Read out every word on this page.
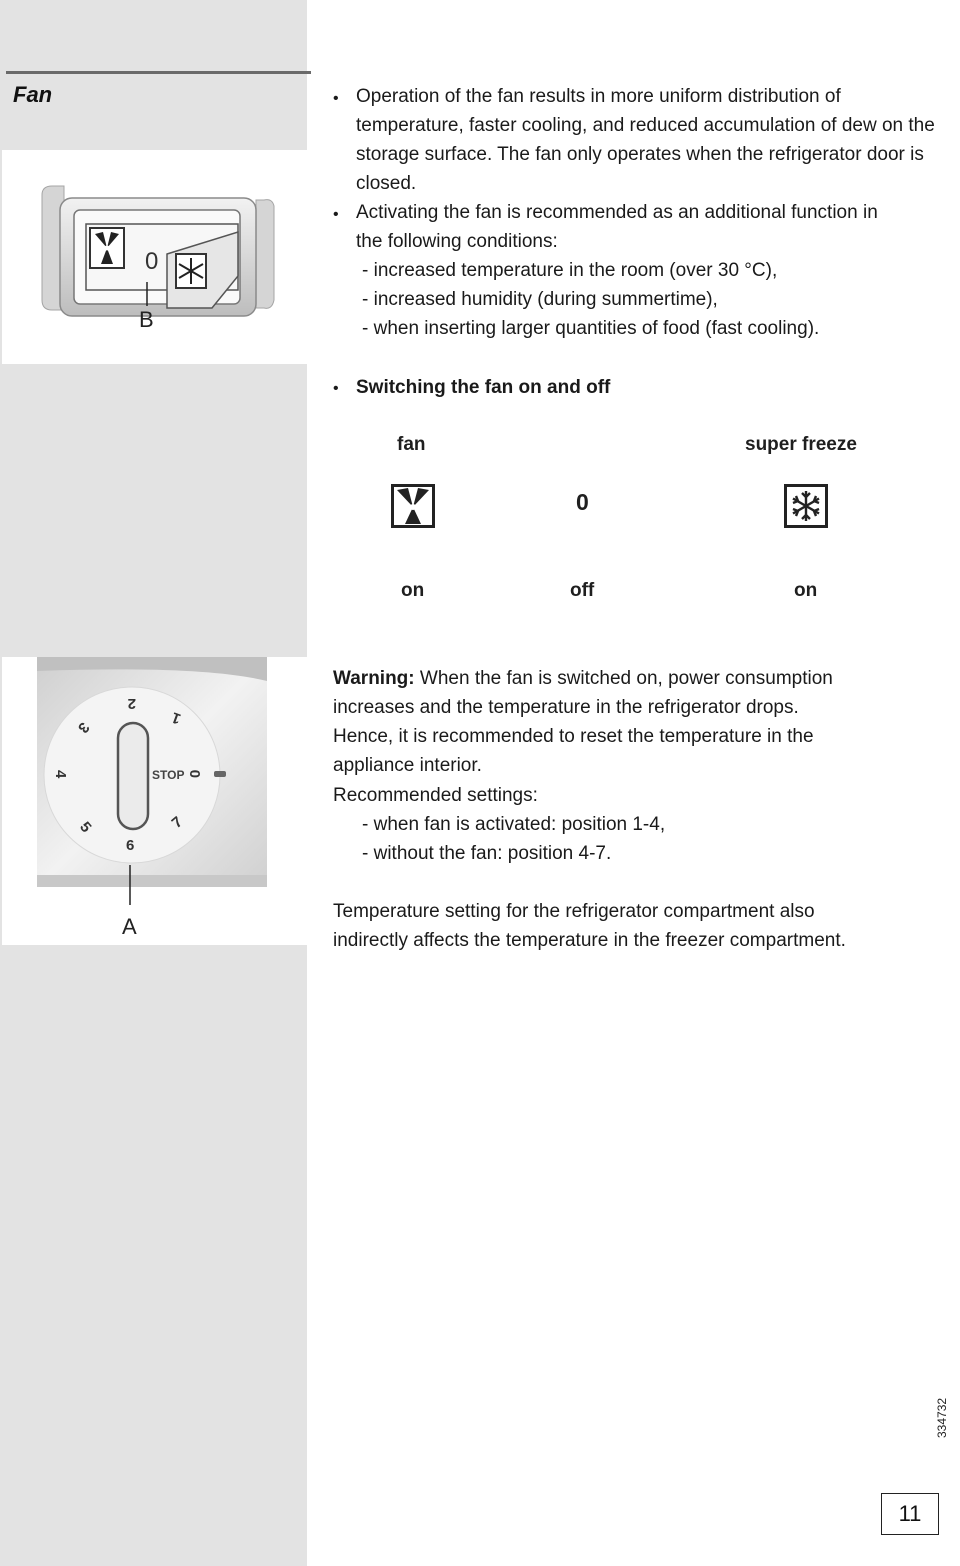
Fan
0
B
• Operation of the fan results in more uniform distribution of temperature, faster cooling, and reduced accumulation of dew on the storage surface. The fan only operates when the refrigerator door is closed.
• Activating the fan is recommended as an additional function in
the following conditions:
- increased temperature in the room (over 30 °C),
- increased humidity (during summertime),
- when inserting larger quantities of food (fast cooling).
• Switching the fan on and off
fan	super freeze
0
on	off	on
2
1
3
4	0
5
6
7
STOP
A
Warning: When the fan is switched on, power consumption
increases and the temperature in the refrigerator drops.
Hence, it is recommended to reset the temperature in the
appliance interior.
Recommended settings:
- when fan is activated: position 1-4,
- without the fan: position 4-7.
Temperature setting for the refrigerator compartment also
indirectly affects the temperature in the freezer compartment.
334732
11
